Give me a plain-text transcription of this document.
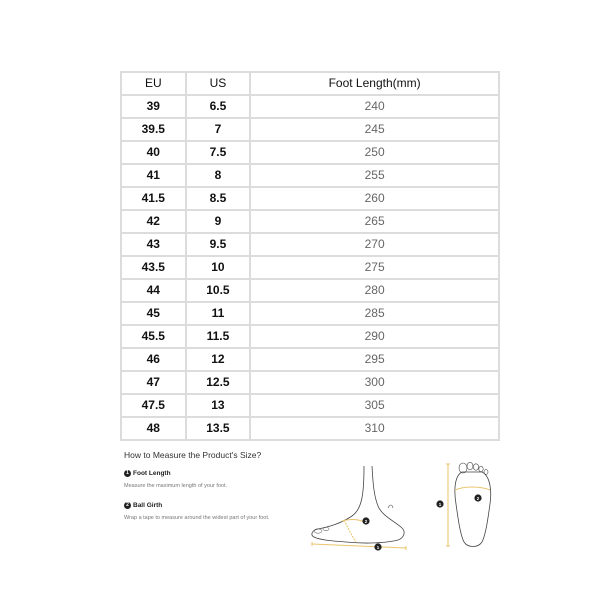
EU	US	Foot Length(mm)
39	6.5	240
39.5	7	245
40	7.5	250
41	8	255
41.5	8.5	260
42	9	265
43	9.5	270
43.5	10	275
44	10.5	280
45	11	285
45.5	11.5	290
46	12	295
47	12.5	300
47.5	13	305
48	13.5	310
How to Measure the Product's Size?
1 Foot Length
Measure the maximum length of your foot.
2 Ball Girth
Wrap a tape to measure around the widest part of your foot.
2
1
2
1
